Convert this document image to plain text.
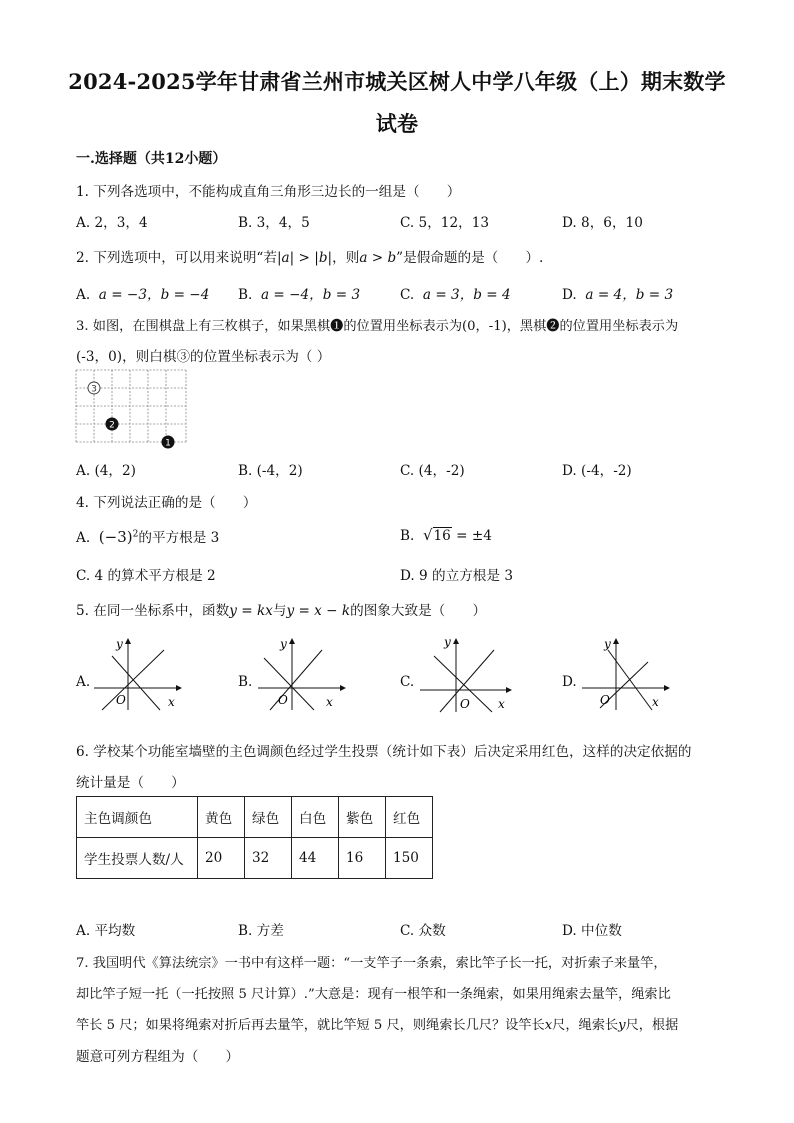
2024-2025学年甘肃省兰州市城关区树人中学八年级（上）期末数学
试卷
一.选择题（共12小题）
1. 下列各选项中，不能构成直角三角形三边长的一组是（　　）
A. 2，3，4	B. 3，4，5	C. 5，12，13	D. 8，6，10
2. 下列选项中，可以用来说明“若|a| > |b|，则a > b”是假命题的是（　　）.
A. a = −3，b = −4 B. a = −4，b = 3	C. a = 3，b = 4	D. a = 4，b = 3
3. 如图，在围棋盘上有三枚棋子，如果黑棋❶的位置用坐标表示为(0，-1)，黑棋❷的位置用坐标表示为
(-3，0)，则白棋③的位置坐标表示为（ ）
3
2
1
A. (4，2)	B. (-4，2)	C. (4，-2)	D. (-4，-2)
4. 下列说法正确的是（　　）
A. $(-3)^2$的平方根是 3	B. √16 = ±4
C. 4 的算术平方根是 2	D. 9 的立方根是 3
5. 在同一坐标系中，函数y = kx与y = x − k的图象大致是（　　）
A.	B.	C.	D.
y
O	x
y
O	x
y
O x
y
O	x
6. 学校某个功能室墙壁的主色调颜色经过学生投票（统计如下表）后决定采用红色，这样的决定依据的
统计量是（　　）
主色调颜色	黄色	绿色	白色	紫色	红色
学生投票人数/人	20	32	44	16	150
A. 平均数	B. 方差	C. 众数	D. 中位数
7. 我国明代《算法统宗》一书中有这样一题：“一支竿子一条索，索比竿子长一托，对折索子来量竿，
却比竿子短一托（一托按照 5 尺计算）.”大意是：现有一根竿和一条绳索，如果用绳索去量竿，绳索比
竿长 5 尺；如果将绳索对折后再去量竿，就比竿短 5 尺，则绳索长几尺？设竿长x尺，绳索长y尺，根据
题意可列方程组为（　　）
